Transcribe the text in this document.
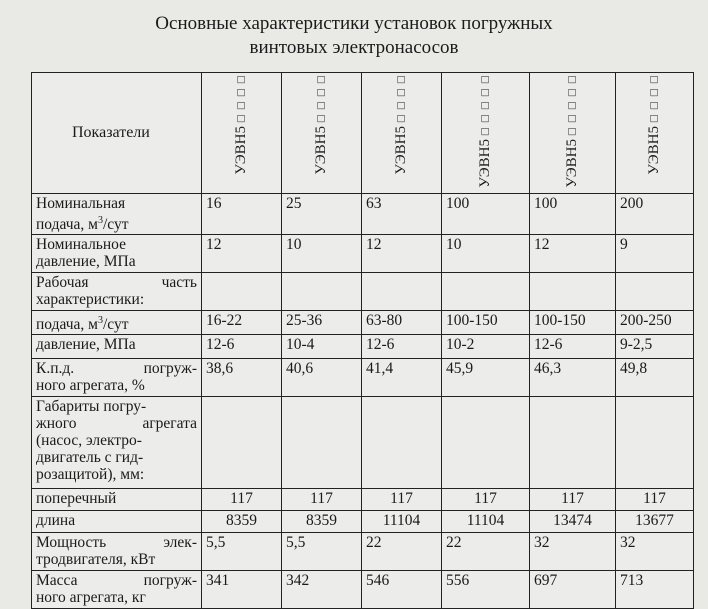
Основные характеристики установок погружных
винтовых электронасосов
Показатели	УЭВН5□□□□	УЭВН5□□□□	УЭВН5□□□□	УЭВН5□□□□□	УЭВН5□□□□□	УЭВН5□□□□

Номинальная
подача, $м^3$/сут	16	25	63	100	100	200

Номинальное
давление, МПа	12	10	12	10	12	9

Рабочая часть
характеристики:						

подача, $м^3$/сут	16-22	25-36	63-80	100-150	100-150	200-250
давление, МПа	12-6	10-4	12-6	10-2	12-6	9-2,5

К.п.д. погруж-
ного агрегата, %	38,6	40,6	41,4	45,9	46,3	49,8

Габариты погру-
жного агрегата
(насос, электро-
двигатель с гид-
розащитой), мм:						

поперечный	117	117	117	117	117	117
длина	8359	8359	11104	11104	13474	13677

Мощность элек-
тродвигателя, кВт	5,5	5,5	22	22	32	32

Масса погруж-
ного агрегата, кг	341	342	546	556	697	713
